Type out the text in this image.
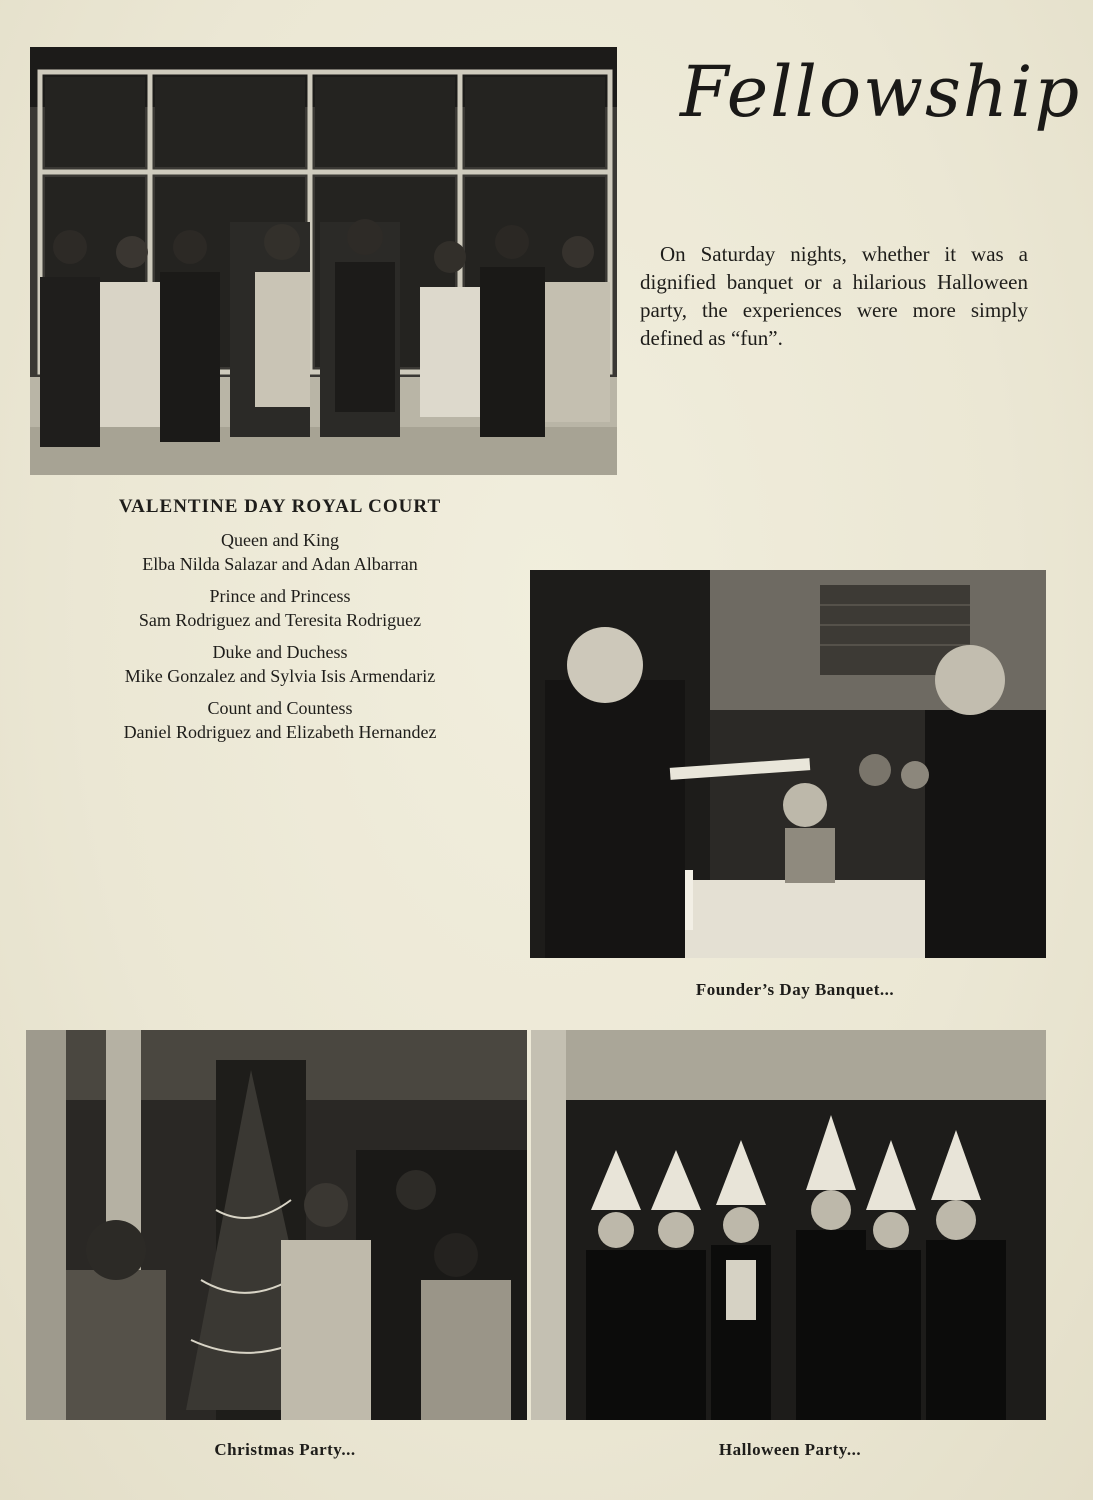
Fellowship
On Saturday nights, whether it was a dignified banquet or a hilarious Halloween party, the experiences were more simply defined as “fun”.
VALENTINE DAY ROYAL COURT
Queen and King
Elba Nilda Salazar and Adan Albarran
Prince and Princess
Sam Rodriguez and Teresita Rodriguez
Duke and Duchess
Mike Gonzalez and Sylvia Isis Armendariz
Count and Countess
Daniel Rodriguez and Elizabeth Hernandez
Founder’s Day Banquet...
Christmas Party...	Halloween Party...
